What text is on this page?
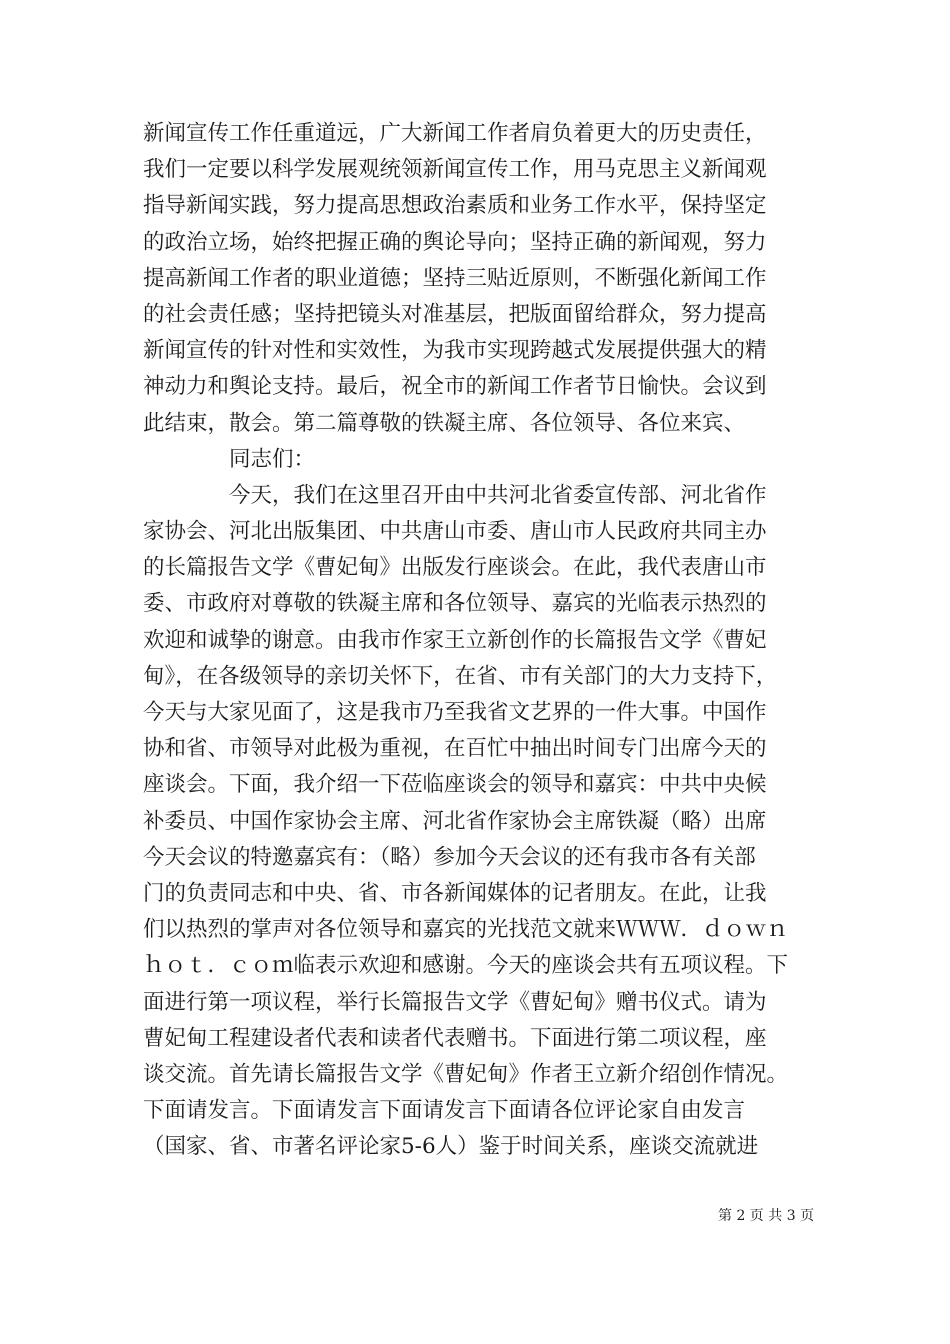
新闻宣传工作任重道远，广大新闻工作者肩负着更大的历史责任，
我们一定要以科学发展观统领新闻宣传工作，用马克思主义新闻观
指导新闻实践，努力提高思想政治素质和业务工作水平，保持坚定
的政治立场，始终把握正确的舆论导向；坚持正确的新闻观，努力
提高新闻工作者的职业道德；坚持三贴近原则，不断强化新闻工作
的社会责任感；坚持把镜头对准基层，把版面留给群众，努力提高
新闻宣传的针对性和实效性，为我市实现跨越式发展提供强大的精
神动力和舆论支持。最后，祝全市的新闻工作者节日愉快。会议到
此结束，散会。第二篇尊敬的铁凝主席、各位领导、各位来宾、
　　　　同志们：
　　　　今天，我们在这里召开由中共河北省委宣传部、河北省作
家协会、河北出版集团、中共唐山市委、唐山市人民政府共同主办
的长篇报告文学《曹妃甸》出版发行座谈会。在此，我代表唐山市
委、市政府对尊敬的铁凝主席和各位领导、嘉宾的光临表示热烈的
欢迎和诚挚的谢意。由我市作家王立新创作的长篇报告文学《曹妃
甸》，在各级领导的亲切关怀下，在省、市有关部门的大力支持下，
今天与大家见面了，这是我市乃至我省文艺界的一件大事。中国作
协和省、市领导对此极为重视，在百忙中抽出时间专门出席今天的
座谈会。下面，我介绍一下莅临座谈会的领导和嘉宾：中共中央候
补委员、中国作家协会主席、河北省作家协会主席铁凝（略）出席
今天会议的特邀嘉宾有：（略）参加今天会议的还有我市各有关部
门的负责同志和中央、省、市各新闻媒体的记者朋友。在此，让我
们以热烈的掌声对各位领导和嘉宾的光找范文就来ＷＷＷ．ｄｏｗｎ
ｈｏｔ．ｃｏｍ临表示欢迎和感谢。今天的座谈会共有五项议程。下
面进行第一项议程，举行长篇报告文学《曹妃甸》赠书仪式。请为
曹妃甸工程建设者代表和读者代表赠书。下面进行第二项议程，座
谈交流。首先请长篇报告文学《曹妃甸》作者王立新介绍创作情况。
下面请发言。下面请发言下面请发言下面请各位评论家自由发言
（国家、省、市著名评论家5-6人）鉴于时间关系，座谈交流就进
第 2 页 共 3 页
